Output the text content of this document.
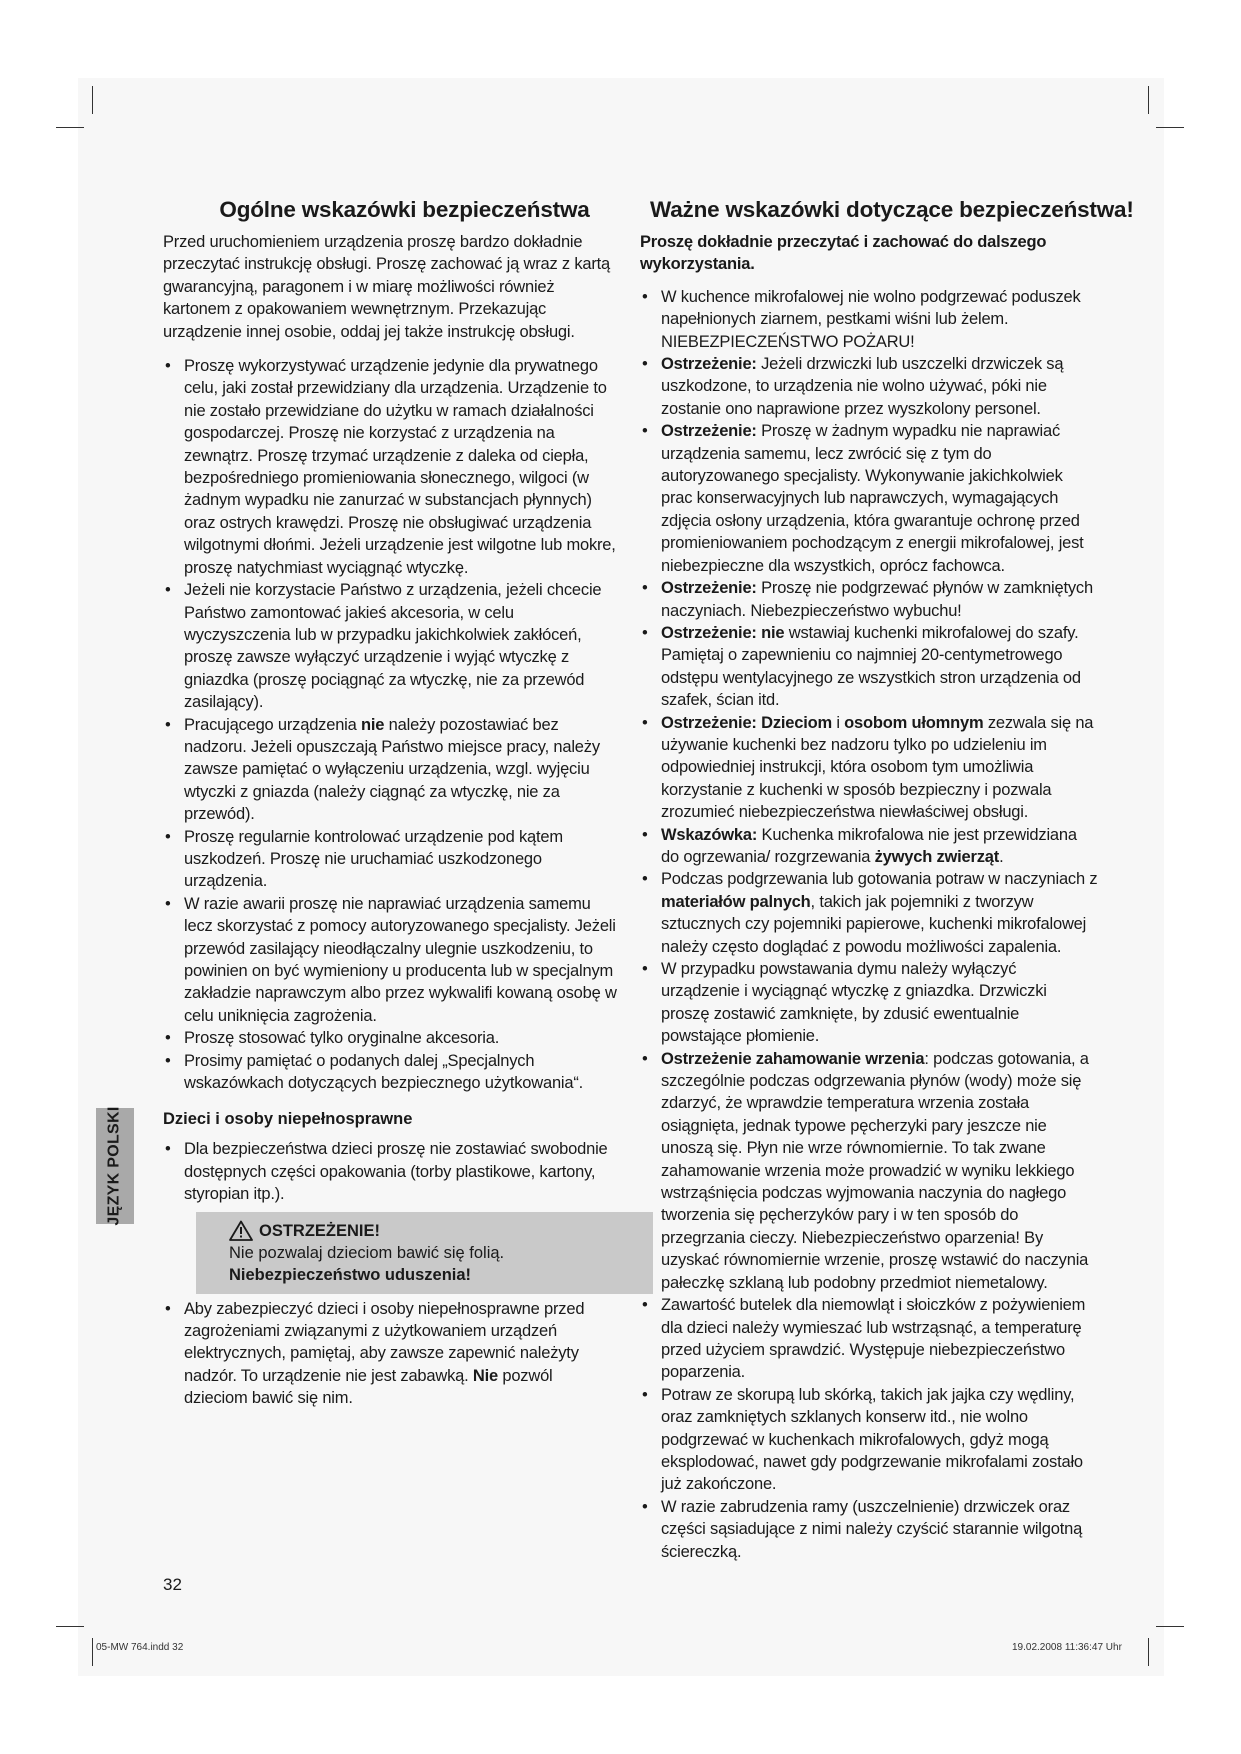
Ogólne wskazówki bezpieczeństwa

Przed uruchomieniem urządzenia proszę bardzo dokładnie przeczytać instrukcję obsługi. Proszę zachować ją wraz z kartą gwarancyjną, paragonem i w miarę możliwości również kartonem z opakowaniem wewnętrznym. Przekazując urządzenie innej osobie, oddaj jej także instrukcję obsługi.

• Proszę wykorzystywać urządzenie jedynie dla prywatnego celu, jaki został przewidziany dla urządzenia. Urządzenie to nie zostało przewidziane do użytku w ramach działalności gospodarczej. Proszę nie korzystać z urządzenia na zewnątrz. Proszę trzymać urządzenie z daleka od ciepła, bezpośredniego promieniowania słonecznego, wilgoci (w żadnym wypadku nie zanurzać w substancjach płynnych) oraz ostrych krawędzi. Proszę nie obsługiwać urządzenia wilgotnymi dłońmi. Jeżeli urządzenie jest wilgotne lub mokre, proszę natychmiast wyciągnąć wtyczkę.
• Jeżeli nie korzystacie Państwo z urządzenia, jeżeli chcecie Państwo zamontować jakieś akcesoria, w celu wyczyszczenia lub w przypadku jakichkolwiek zakłóceń, proszę zawsze wyłączyć urządzenie i wyjąć wtyczkę z gniazdka (proszę pociągnąć za wtyczkę, nie za przewód zasilający).
• Pracującego urządzenia nie należy pozostawiać bez nadzoru. Jeżeli opuszczają Państwo miejsce pracy, należy zawsze pamiętać o wyłączeniu urządzenia, wzgl. wyjęciu wtyczki z gniazda (należy ciągnąć za wtyczkę, nie za przewód).
• Proszę regularnie kontrolować urządzenie pod kątem uszkodzeń. Proszę nie uruchamiać uszkodzonego urządzenia.
• W razie awarii proszę nie naprawiać urządzenia samemu lecz skorzystać z pomocy autoryzowanego specjalisty. Jeżeli przewód zasilający nieodłączalny ulegnie uszkodzeniu, to powinien on być wymieniony u producenta lub w specjalnym zakładzie naprawczym albo przez wykwalifi kowaną osobę w celu uniknięcia zagrożenia.
• Proszę stosować tylko oryginalne akcesoria.
• Prosimy pamiętać o podanych dalej „Specjalnych wskazówkach dotyczących bezpiecznego użytkowania“.
Dzieci i osoby niepełnosprawne
• Dla bezpieczeństwa dzieci proszę nie zostawiać swobodnie dostępnych części opakowania (torby plastikowe, kartony, styropian itp.).
OSTRZEŻENIE!
Nie pozwalaj dzieciom bawić się folią.
Niebezpieczeństwo uduszenia!
• Aby zabezpieczyć dzieci i osoby niepełnosprawne przed zagrożeniami związanymi z użytkowaniem urządzeń elektrycznych, pamiętaj, aby zawsze zapewnić należyty nadzór. To urządzenie nie jest zabawką. Nie pozwól dzieciom bawić się nim.
Ważne wskazówki dotyczące bezpieczeństwa!

Proszę dokładnie przeczytać i zachować do dalszego wykorzystania.

• W kuchence mikrofalowej nie wolno podgrzewać poduszek napełnionych ziarnem, pestkami wiśni lub żelem.
NIEBEZPIECZEŃSTWO POŻARU!
• Ostrzeżenie: Jeżeli drzwiczki lub uszczelki drzwiczek są uszkodzone, to urządzenia nie wolno używać, póki nie zostanie ono naprawione przez wyszkolony personel.
• Ostrzeżenie: Proszę w żadnym wypadku nie naprawiać urządzenia samemu, lecz zwrócić się z tym do autoryzowanego specjalisty. Wykonywanie jakichkolwiek prac konserwacyjnych lub naprawczych, wymagających zdjęcia osłony urządzenia, która gwarantuje ochronę przed promieniowaniem pochodzącym z energii mikrofalowej, jest niebezpieczne dla wszystkich, oprócz fachowca.
• Ostrzeżenie: Proszę nie podgrzewać płynów w zamkniętych naczyniach. Niebezpieczeństwo wybuchu!
• Ostrzeżenie: nie wstawiaj kuchenki mikrofalowej do szafy. Pamiętaj o zapewnieniu co najmniej 20-centymetrowego odstępu wentylacyjnego ze wszystkich stron urządzenia od szafek, ścian itd.
• Ostrzeżenie: Dzieciom i osobom ułomnym zezwala się na używanie kuchenki bez nadzoru tylko po udzieleniu im odpowiedniej instrukcji, która osobom tym umożliwia korzystanie z kuchenki w sposób bezpieczny i pozwala zrozumieć niebezpieczeństwa niewłaściwej obsługi.
• Wskazówka: Kuchenka mikrofalowa nie jest przewidziana do ogrzewania/ rozgrzewania żywych zwierząt.
• Podczas podgrzewania lub gotowania potraw w naczyniach z materiałów palnych, takich jak pojemniki z tworzyw sztucznych czy pojemniki papierowe, kuchenki mikrofalowej należy często doglądać z powodu możliwości zapalenia.
• W przypadku powstawania dymu należy wyłączyć urządzenie i wyciągnąć wtyczkę z gniazdka. Drzwiczki proszę zostawić zamknięte, by zdusić ewentualnie powstające płomienie.
• Ostrzeżenie zahamowanie wrzenia: podczas gotowania, a szczególnie podczas odgrzewania płynów (wody) może się zdarzyć, że wprawdzie temperatura wrzenia została osiągnięta, jednak typowe pęcherzyki pary jeszcze nie unoszą się. Płyn nie wrze równomiernie. To tak zwane zahamowanie wrzenia może prowadzić w wyniku lekkiego wstrząśnięcia podczas wyjmowania naczynia do nagłego tworzenia się pęcherzyków pary i w ten sposób do przegrzania cieczy. Niebezpieczeństwo oparzenia! By uzyskać równomiernie wrzenie, proszę wstawić do naczynia pałeczkę szklaną lub podobny przedmiot niemetalowy.
• Zawartość butelek dla niemowląt i słoiczków z pożywieniem dla dzieci należy wymieszać lub wstrząsnąć, a temperaturę przed użyciem sprawdzić. Występuje niebezpieczeństwo poparzenia.
• Potraw ze skorupą lub skórką, takich jak jajka czy wędliny, oraz zamkniętych szklanych konserw itd., nie wolno podgrzewać w kuchenkach mikrofalowych, gdyż mogą eksplodować, nawet gdy podgrzewanie mikrofalami zostało już zakończone.
• W razie zabrudzenia ramy (uszczelnienie) drzwiczek oraz części sąsiadujące z nimi należy czyścić starannie wilgotną ściereczką.
JĘZYK POLSKI
32
05-MW 764.indd 32	19.02.2008 11:36:47 Uhr
